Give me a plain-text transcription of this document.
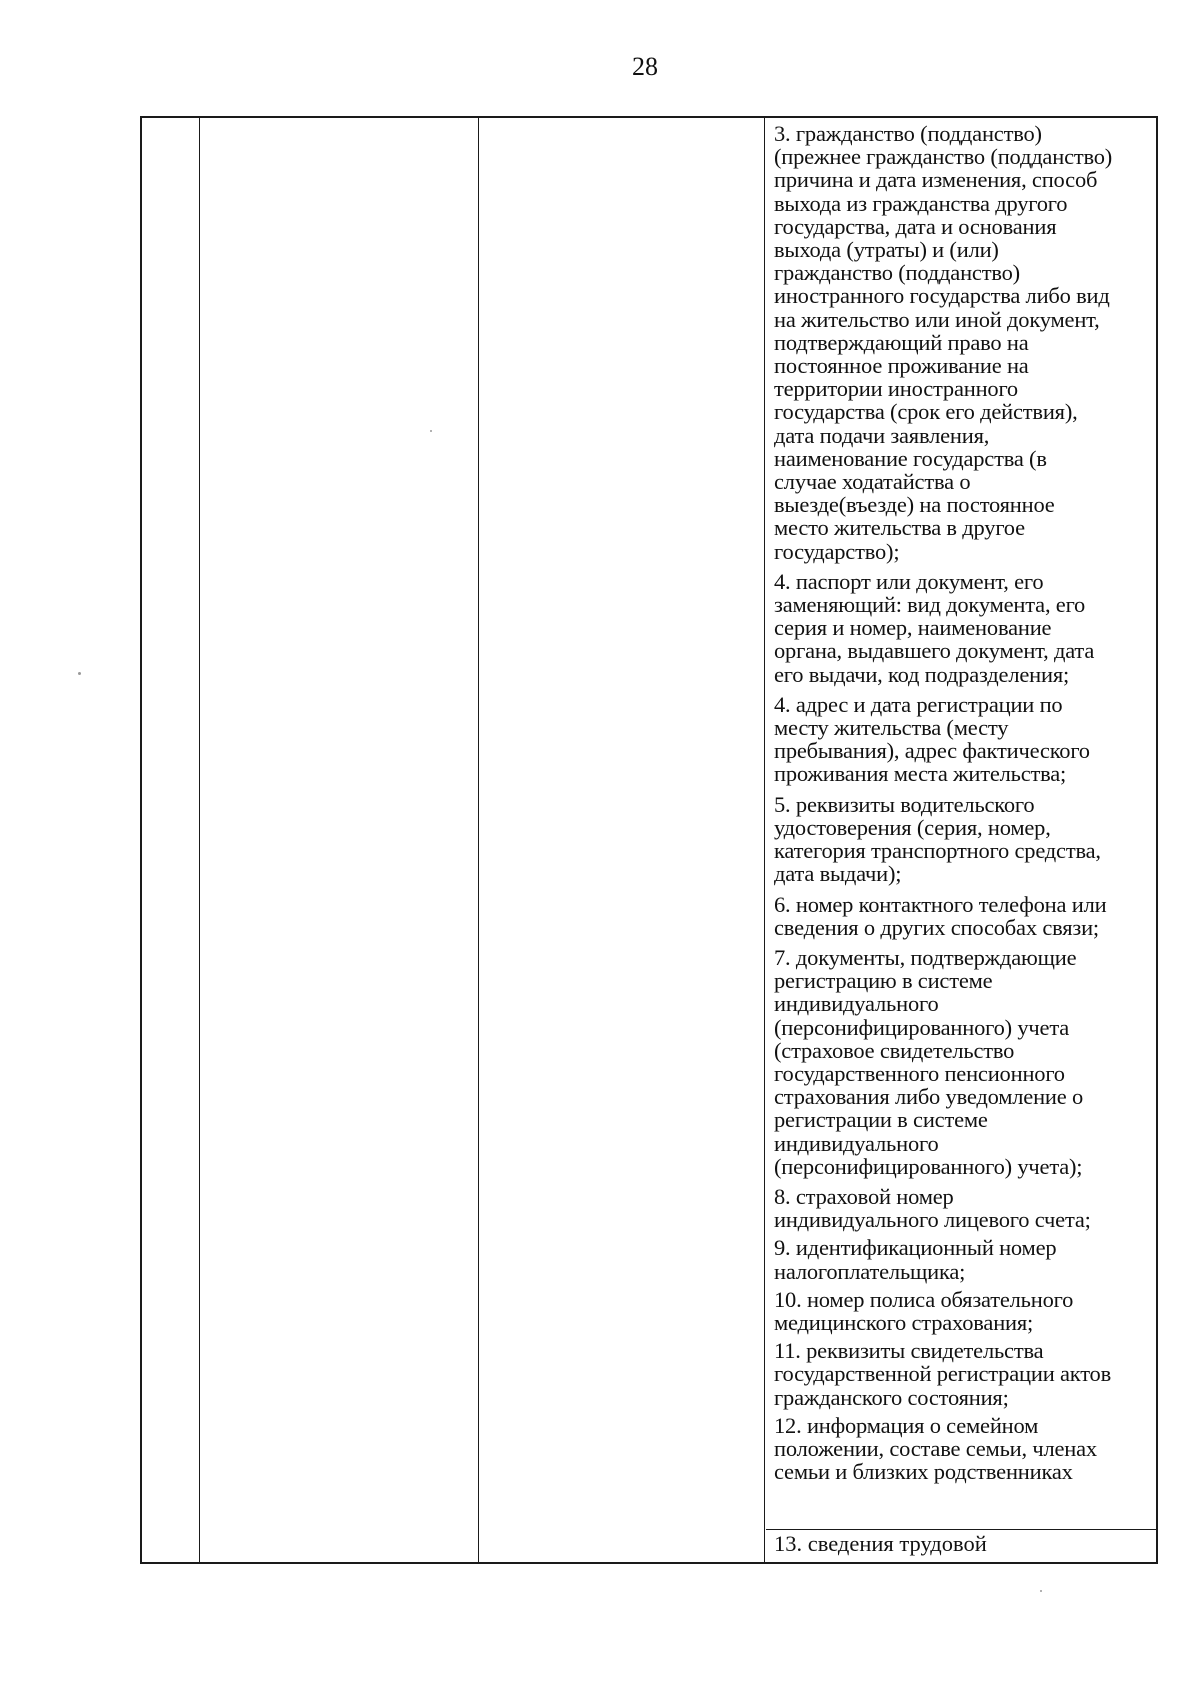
28
3. гражданство (подданство)
(прежнее гражданство (подданство)
причина и дата изменения, способ
выхода из гражданства другого
государства, дата и основания
выхода (утраты) и (или)
гражданство (подданство)
иностранного государства либо вид
на жительство или иной документ,
подтверждающий право на
постоянное проживание на
территории иностранного
государства (срок его действия),
дата подачи заявления,
наименование государства (в
случае ходатайства о
выезде(въезде) на постоянное
место жительства в другое
государство);
4. паспорт или документ, его
заменяющий: вид документа, его
серия и номер, наименование
органа, выдавшего документ, дата
его выдачи, код подразделения;
4. адрес и дата регистрации по
месту жительства (месту
пребывания), адрес фактического
проживания места жительства;
5. реквизиты водительского
удостоверения (серия, номер,
категория транспортного средства,
дата выдачи);
6. номер контактного телефона или
сведения о других способах связи;
7. документы, подтверждающие
регистрацию в системе
индивидуального
(персонифицированного) учета
(страховое свидетельство
государственного пенсионного
страхования либо уведомление о
регистрации в системе
индивидуального
(персонифицированного) учета);
8. страховой номер
индивидуального лицевого счета;
9. идентификационный номер
налогоплательщика;
10. номер полиса обязательного
медицинского страхования;
11. реквизиты свидетельства
государственной регистрации актов
гражданского состояния;
12. информация о семейном
положении, составе семьи, членах
семьи и близких родственниках
13. сведения трудовой
